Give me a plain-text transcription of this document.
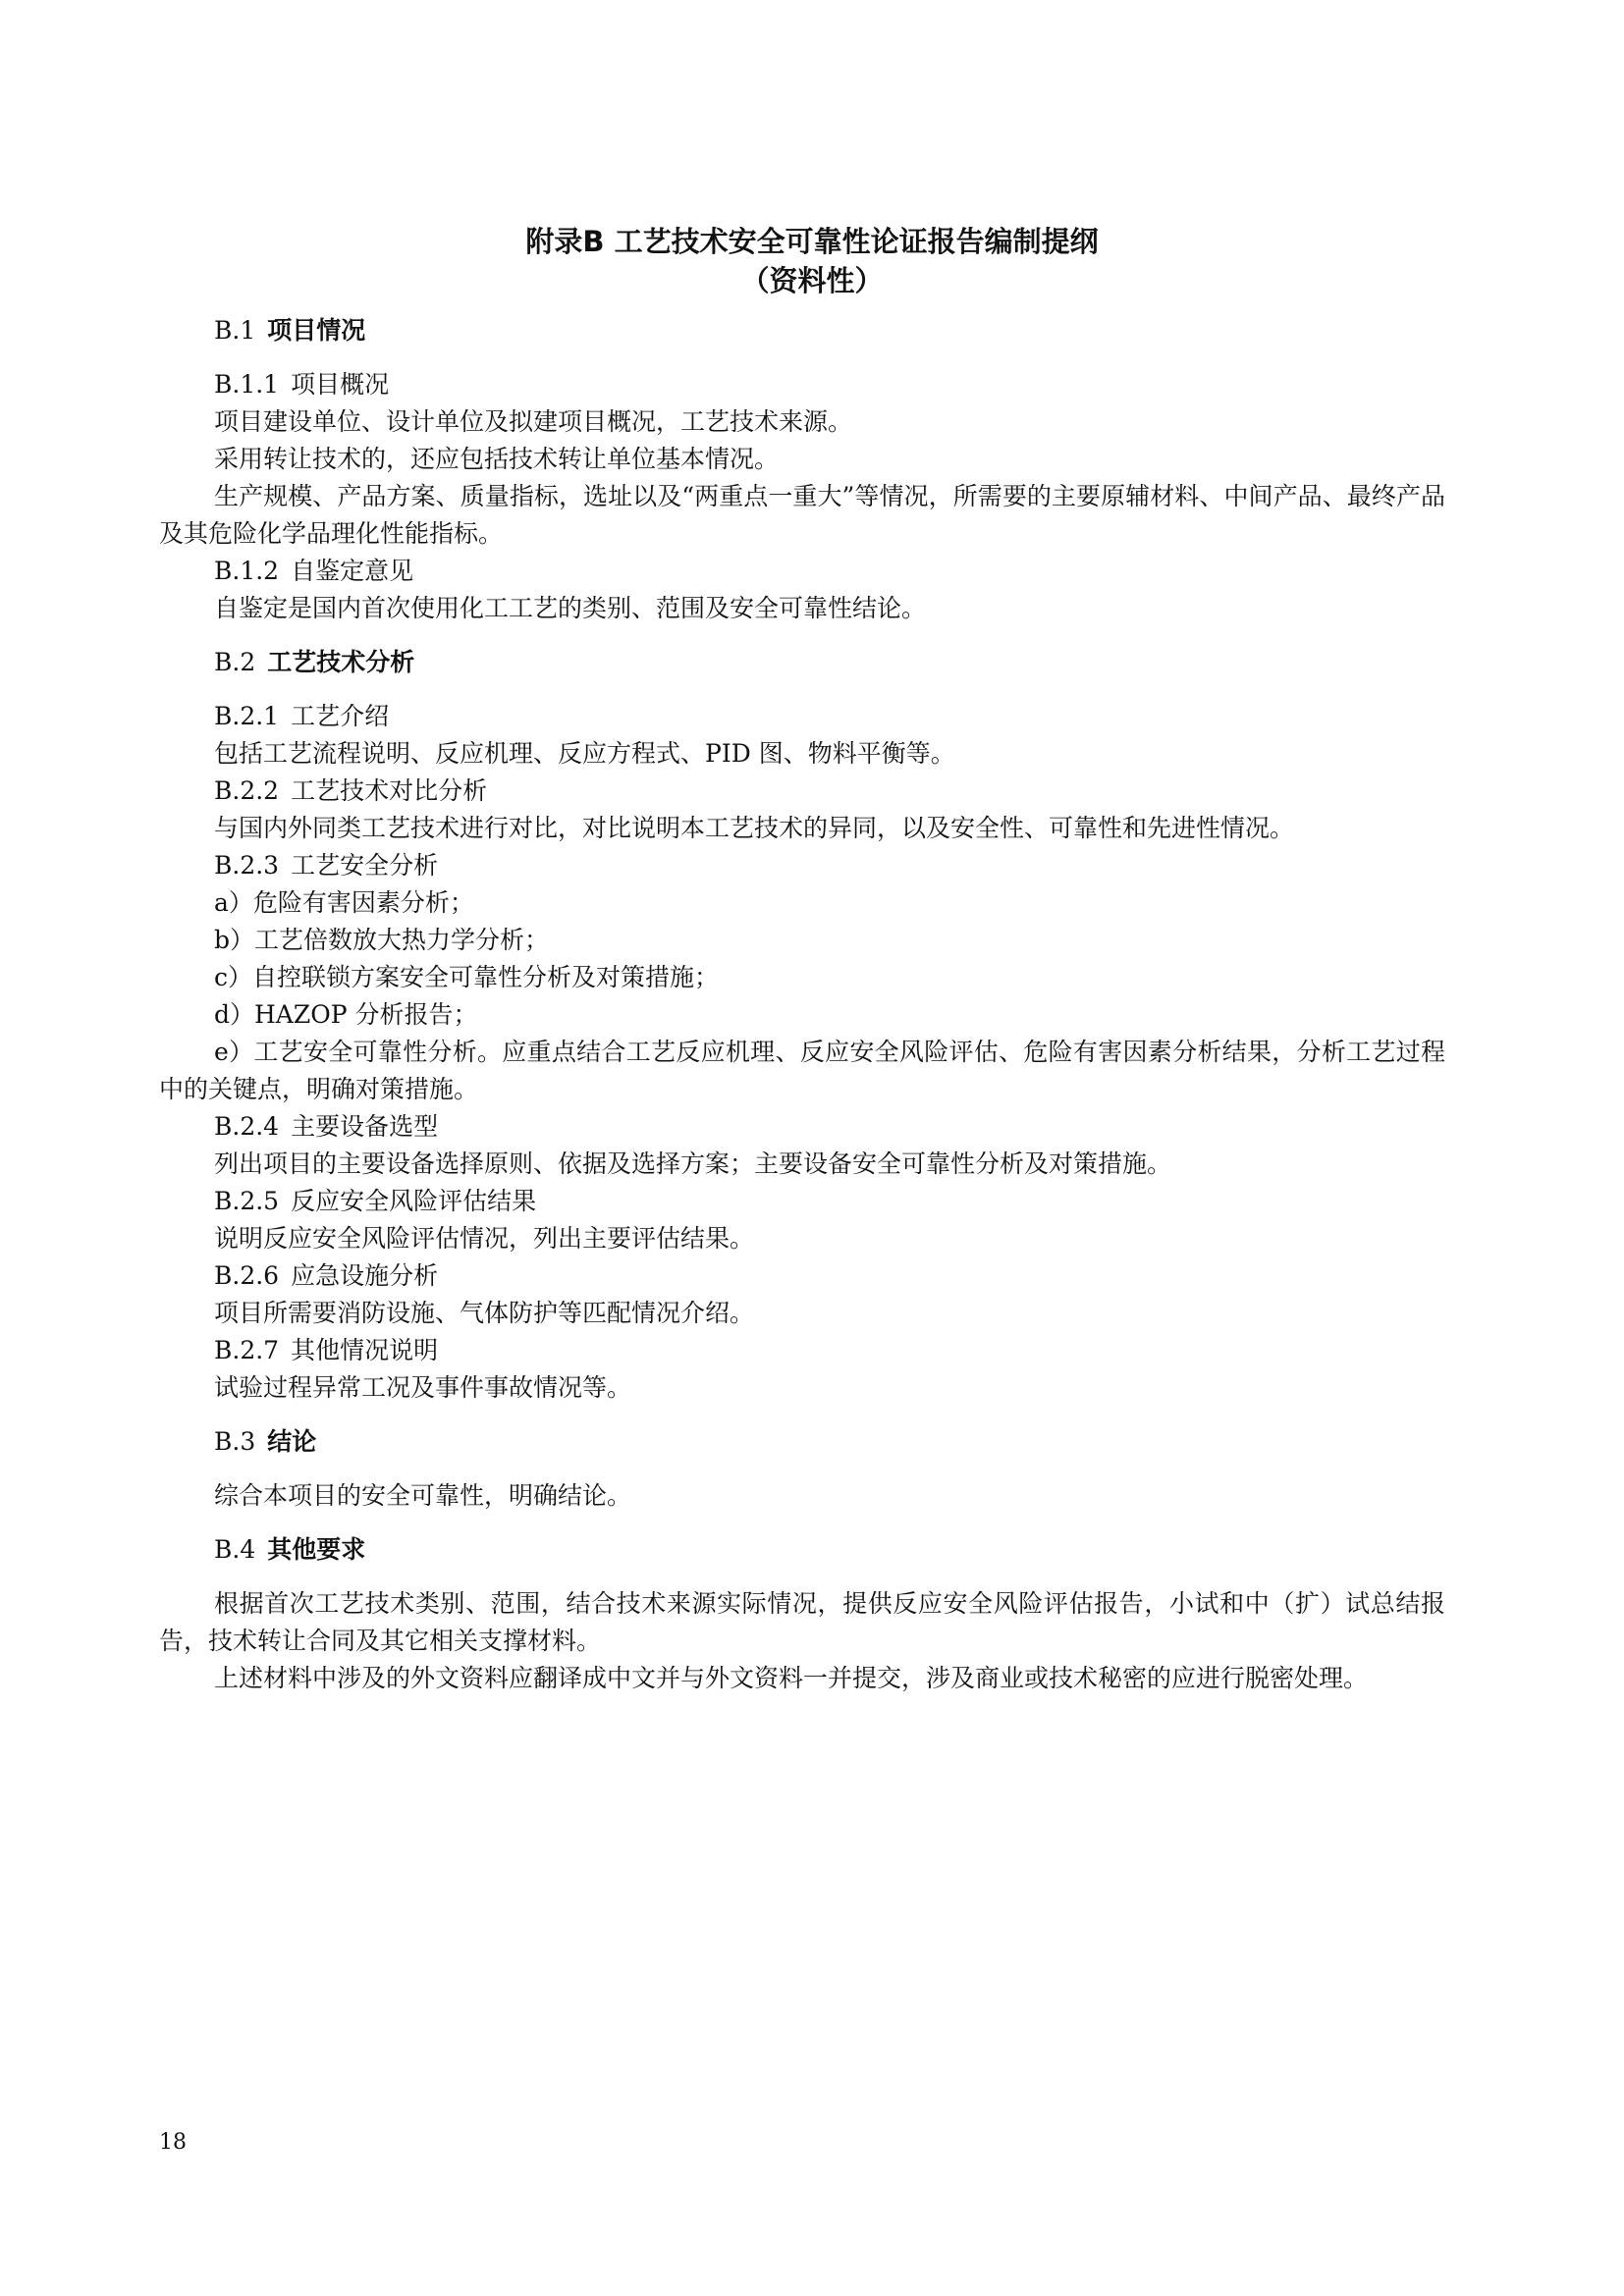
附录B 工艺技术安全可靠性论证报告编制提纲

（资料性）

B.1 项目情况

B.1.1 项目概况

项目建设单位、设计单位及拟建项目概况，工艺技术来源。

采用转让技术的，还应包括技术转让单位基本情况。

生产规模、产品方案、质量指标，选址以及“两重点一重大”等情况，所需要的主要原辅材料、中间产品、最终产品及其危险化学品理化性能指标。

B.1.2 自鉴定意见

自鉴定是国内首次使用化工工艺的类别、范围及安全可靠性结论。

B.2 工艺技术分析

B.2.1 工艺介绍

包括工艺流程说明、反应机理、反应方程式、PID 图、物料平衡等。

B.2.2 工艺技术对比分析

与国内外同类工艺技术进行对比，对比说明本工艺技术的异同，以及安全性、可靠性和先进性情况。

B.2.3 工艺安全分析

a）危险有害因素分析；

b）工艺倍数放大热力学分析；

c）自控联锁方案安全可靠性分析及对策措施；

d）HAZOP 分析报告；

e）工艺安全可靠性分析。应重点结合工艺反应机理、反应安全风险评估、危险有害因素分析结果，分析工艺过程中的关键点，明确对策措施。

B.2.4 主要设备选型

列出项目的主要设备选择原则、依据及选择方案；主要设备安全可靠性分析及对策措施。

B.2.5 反应安全风险评估结果

说明反应安全风险评估情况，列出主要评估结果。

B.2.6 应急设施分析

项目所需要消防设施、气体防护等匹配情况介绍。

B.2.7 其他情况说明

试验过程异常工况及事件事故情况等。

B.3 结论

综合本项目的安全可靠性，明确结论。

B.4 其他要求

根据首次工艺技术类别、范围，结合技术来源实际情况，提供反应安全风险评估报告，小试和中（扩）试总结报告，技术转让合同及其它相关支撑材料。

上述材料中涉及的外文资料应翻译成中文并与外文资料一并提交，涉及商业或技术秘密的应进行脱密处理。

18
